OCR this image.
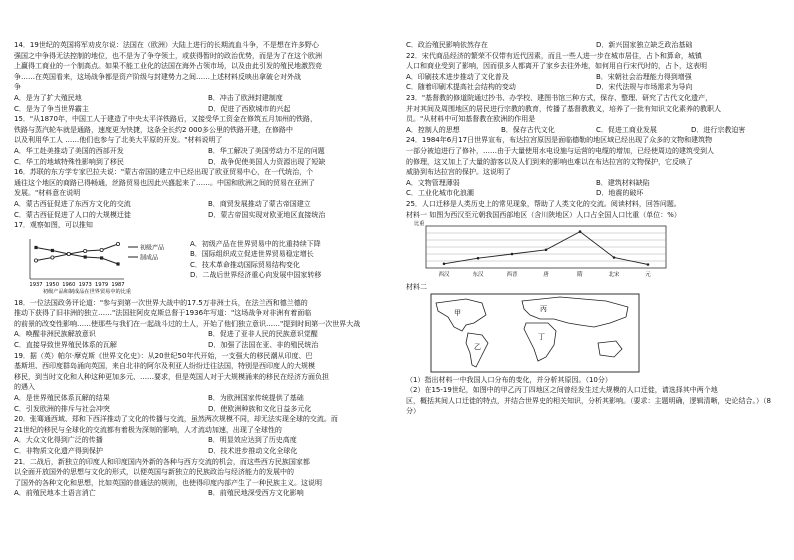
14．19世纪的英国将军劝皮尔说：法国在（欧洲）大陆上进行的长期流血斗争，不是想在许多野心

强国之中争得无法控制的地位，也不是为了争夺领土，或获得暂时的政治优势，而是为了在这个欧洲

上赢得工商业的一个制高点。如果不能工业化的法国在海外占领市场，以及由此引发的殖民地激烈竞

争……在英国看来，这场战争都是资产阶级与封建势力之间……上述材料反映出拿破仑对外战

争

A．是为了扩大殖民地	B．冲击了欧洲封建制度
C．是为了争当世界霸主	D．促进了西欧城市的兴起

15．"从1870年，中国工人于建造了中央太平洋铁路后，又接受华工资金在修筑五月加州的铁路，

铁路与蒸汽轮车就是通路，速度更为快捷，这条全长约2 000多公里的铁路开建，在修路中

以及利用华工人 ……他们也参与了北美大平原的开发。"材料说明了

A．华工赴美推动了美国的西部开发	B．华工解决了美国劳动力不足的问题
C．华工的地域特殊性影响到了移民	D．战争促使美国人力资源出现了短缺

16．苏联的东方学专家巴拉夫说："蒙古帝国的建立中已经出现了欧亚贸易中心，在一代统治，个

通往这个地区的商路已得畅通，丝路贸易也因此兴盛起来了……。中国和欧洲之间的贸易在亚洲了

发展。"材料意在说明

A．蒙古西征促进了东西方文化的交流	B．商贸发展推动了蒙古帝国建立
C．蒙古西征促进了人口的大规模迁徙	D．蒙古帝国实现对欧亚地区直接统治

17．观察如图，可以推知

初级产品
制成品
1937 1950 1960 1973 1979 1987
初级产品和制成品在世界贸易中的比重
A．初级产品在世界贸易中的比重持续下降
B．国际组织成立促进世界贸易稳定增长
C．技术革命推动国际贸易结构变化
D．二战后世界经济重心向发展中国家转移

18．一位法国政务评论道："参与到第一次世界大战中的17.5万非洲士兵，在法兰西和德兰德的

推动下获得了旧非洲的独立……"法国驻阿皮克斯总督于1936年写道："这场战争对非洲有着面临

的前景的改变性影响……使那些与我们在一起战斗过的土人，开始了他们独立意识……"提到时间第一次世界大战

A．唤醒非洲民族解放意识	B．促进了亚非人民的民族意识觉醒
C．直接导致世界殖民体系的瓦解	D．加强了法国在亚、非的殖民统治

19．据（英）帕尔·摩克斯《世界文化史》：从20世纪50年代开始，一支强大的移民潮从印度、巴

基斯坦、西印度群岛涌向英国，来自北非的阿尔及利亚人纷纷迁往法国，特别是西印度人的大规模

移民，到当时文化和人种这种更加多元、……要求，但是英国人对于大规模涌来的移民在经济方面负担

的遇入

A．是世界殖民体系瓦解的结果	B．为欧洲国家传统提供了基础
C．引发欧洲的排斥与社会冲突	D．使欧洲种族和文化日益多元化

20．张骞通西域、郑和下西洋推动了文化的传播与交流，虽然两次规模不同，却无法实现全球的交流。而

21世纪的移民与全球化的交流都有着极为深刻的影响，人才流动加速，出现了全球性的

A．大众文化得到广泛的传播	B．明显效应达到了历史高度
C．非物质文化遗产得到保护	D．技术进步推动文化全球化

21．二战后，新独立的印度人和印度国内外新的各种与西方交流的机会，而这些西方民族国家都

以全面开放国外的思想与文化的形式，以便英国与新独立的民族政治与经济能力的发展中的

了国外的各种文化和思想，比如英国的普通法的规则，也使得印度内部产生了一种民族主义。这说明

A．前殖民地本土语言消亡	B．前殖民地深受西方文化影响
C．政治殖民影响依然存在	D．新兴国家独立缺乏政治基础

22．宋代商品经济的繁荣不仅带有近代因素，而且一些人进一步在城市居住，占卜和算命，城镇

人口和商业受到了影响，因而很多人都离开了家乡去往外地，如何用自行宋代时的，占卜，这表明

A．印刷技术进步推动了文化普及	B．宋朝社会治理能力得到增强
C．随着印刷术提高社会结构的变动	D．宋代法规与市场需求为导向

23．"基督教的修道院通过抄书、办学校、建图书馆三种方式，保存、整理、研究了古代文化遗产，

并对其间及周围地区的居民进行宗教的教育，传播了基督教教义，培养了一批有知识文化素养的教职人

员。"从材料中可知基督教在欧洲的作用是

A．控制人的思想	B．保存古代文化	C．促进工商业发展	D．进行宗教迫害

24．1984年6月17日世界宣布，布达拉宫原因是面临德勒的地区域已经出现了众多的文物和建筑物

一部分被迫进行了修补，……由于大量使用水电设施与运营的电缆的增加，已经使周边的建筑受到人

的修理，这又加上了大量的游客以及人们到来的影响也难以在布达拉宫的文物保护，它反映了

威胁到布达拉宫的保护。这说明了

A．文物管理薄弱	B．建筑材料缺陷
C．工业化城市化浪潮	D．地震的破坏

25．人口迁移是人类历史上的常见现象，帮助了人类文化的交流。阅读材料，回答问题。

材料一 如图为西汉至元朝我国西部地区（含川陕地区）人口占全国人口比重（单位：%）

比重
西汉	东汉	西晋	唐	隋	北宋	元

材料二

甲
乙
丙
丁

（1）指出材料一中我国人口分布的变化，并分析其原因。（10分）

（2）在15-19世纪，如图中的甲乙丙丁四地区之间曾经发生过大规模的人口迁徙，请选择其中两个地

区，概括其间人口迁徙的特点，并结合世界史的相关知识，分析其影响。（要求：主题明确，逻辑清晰，史论结合。）（8

分）
